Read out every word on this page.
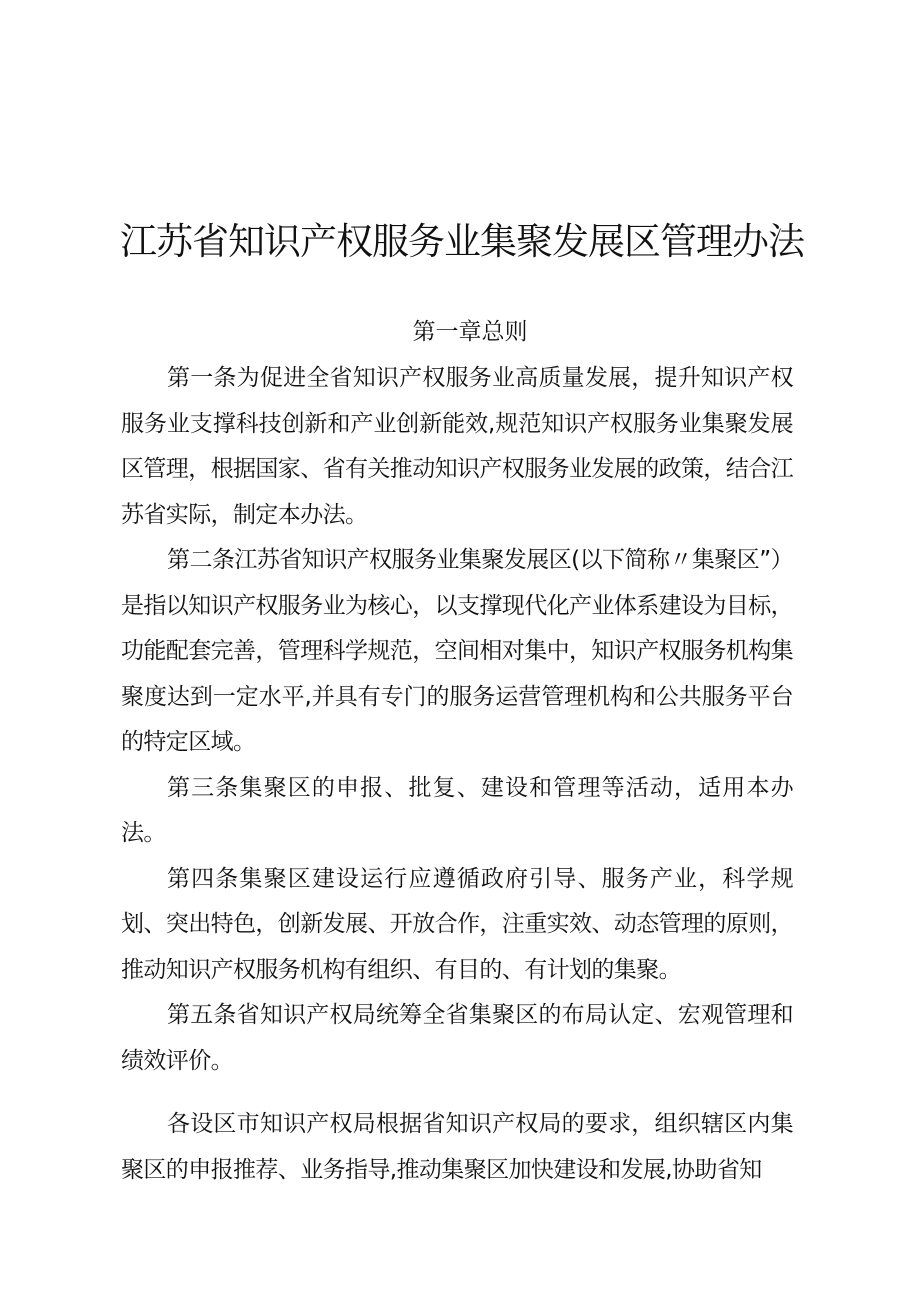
江苏省知识产权服务业集聚发展区管理办法
第一章总则

第一条为促进全省知识产权服务业高质量发展，提升知识产权服务业支撑科技创新和产业创新能效,规范知识产权服务业集聚发展区管理，根据国家、省有关推动知识产权服务业发展的政策，结合江苏省实际，制定本办法。

第二条江苏省知识产权服务业集聚发展区(以下简称〃集聚区”）是指以知识产权服务业为核心，以支撑现代化产业体系建设为目标，功能配套完善，管理科学规范，空间相对集中，知识产权服务机构集聚度达到一定水平,并具有专门的服务运营管理机构和公共服务平台的特定区域。

第三条集聚区的申报、批复、建设和管理等活动，适用本办法。

第四条集聚区建设运行应遵循政府引导、服务产业，科学规划、突出特色，创新发展、开放合作，注重实效、动态管理的原则，推动知识产权服务机构有组织、有目的、有计划的集聚。

第五条省知识产权局统筹全省集聚区的布局认定、宏观管理和绩效评价。

各设区市知识产权局根据省知识产权局的要求，组织辖区内集聚区的申报推荐、业务指导,推动集聚区加快建设和发展,协助省知
